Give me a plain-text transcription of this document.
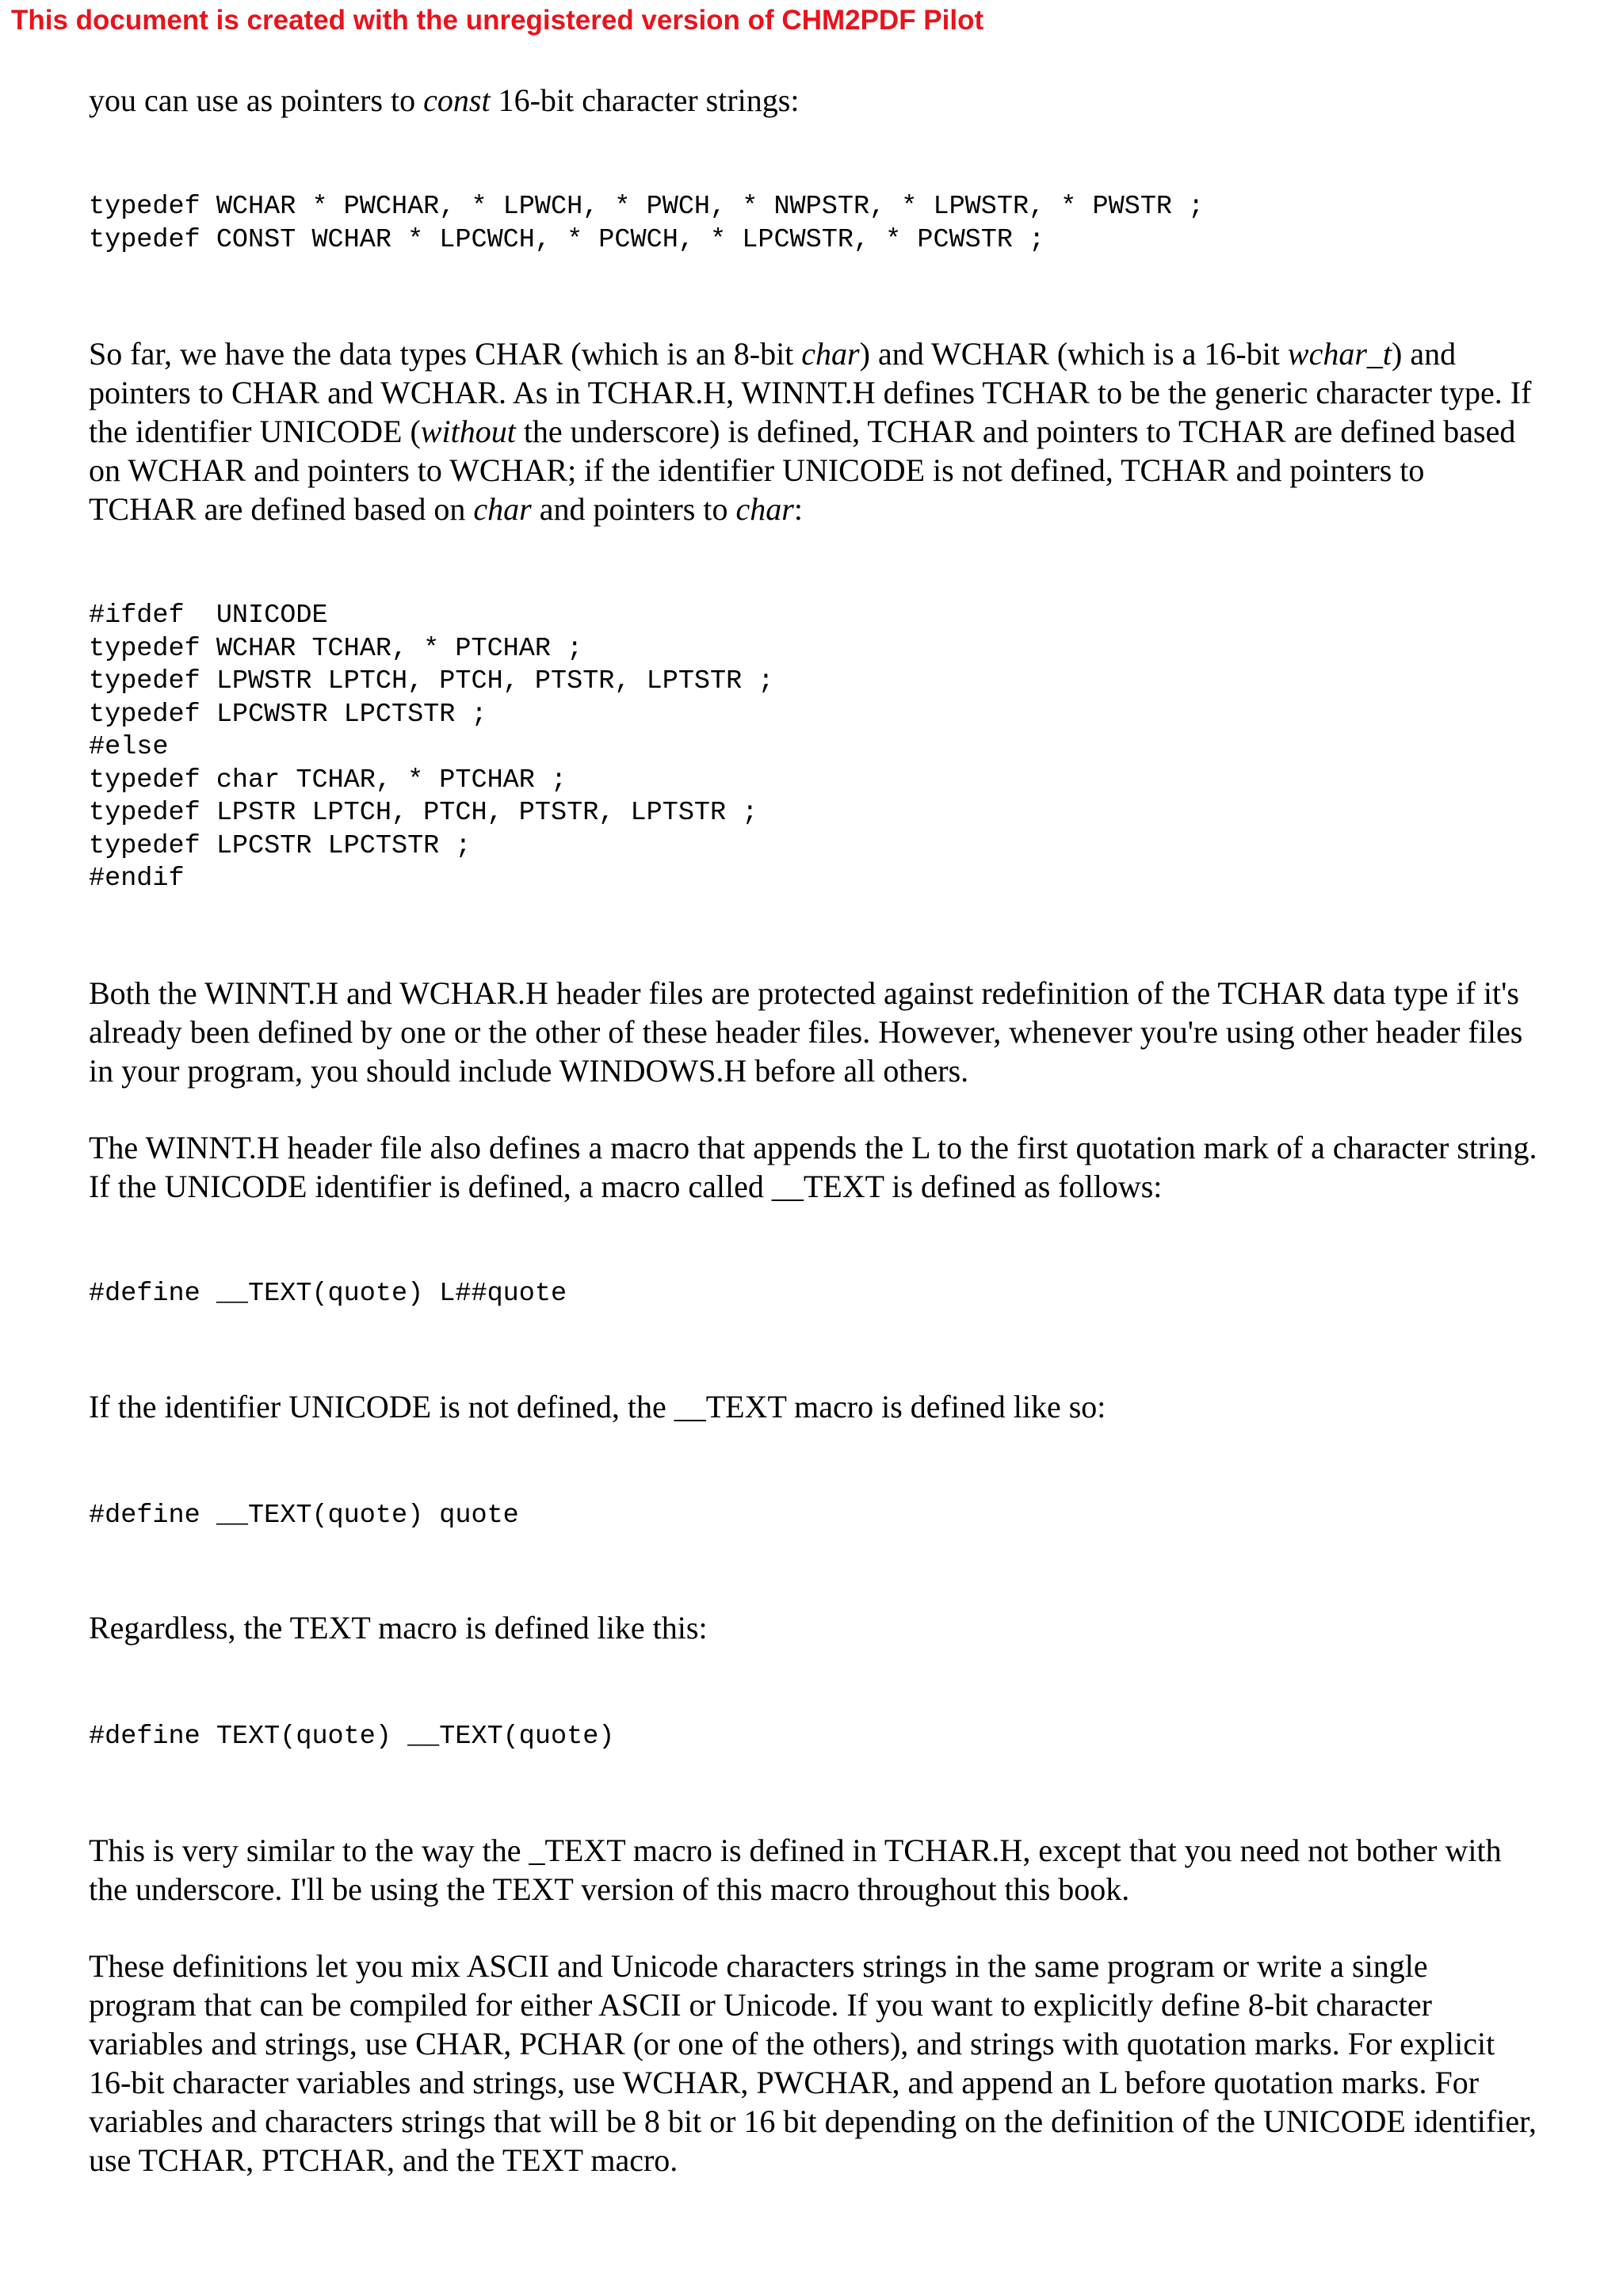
This document is created with the unregistered version of CHM2PDF Pilot

you can use as pointers to const 16-bit character strings:

typedef WCHAR * PWCHAR, * LPWCH, * PWCH, * NWPSTR, * LPWSTR, * PWSTR ;
typedef CONST WCHAR * LPCWCH, * PCWCH, * LPCWSTR, * PCWSTR ;

So far, we have the data types CHAR (which is an 8-bit char) and WCHAR (which is a 16-bit wchar_t) and pointers to CHAR and WCHAR. As in TCHAR.H, WINNT.H defines TCHAR to be the generic character type. If the identifier UNICODE (without the underscore) is defined, TCHAR and pointers to TCHAR are defined based on WCHAR and pointers to WCHAR; if the identifier UNICODE is not defined, TCHAR and pointers to TCHAR are defined based on char and pointers to char:

#ifdef  UNICODE
typedef WCHAR TCHAR, * PTCHAR ;
typedef LPWSTR LPTCH, PTCH, PTSTR, LPTSTR ;
typedef LPCWSTR LPCTSTR ;
#else
typedef char TCHAR, * PTCHAR ;
typedef LPSTR LPTCH, PTCH, PTSTR, LPTSTR ;
typedef LPCSTR LPCTSTR ;
#endif

Both the WINNT.H and WCHAR.H header files are protected against redefinition of the TCHAR data type if it's already been defined by one or the other of these header files. However, whenever you're using other header files in your program, you should include WINDOWS.H before all others.

The WINNT.H header file also defines a macro that appends the L to the first quotation mark of a character string. If the UNICODE identifier is defined, a macro called __TEXT is defined as follows:

#define __TEXT(quote) L##quote

If the identifier UNICODE is not defined, the __TEXT macro is defined like so:

#define __TEXT(quote) quote

Regardless, the TEXT macro is defined like this:

#define TEXT(quote) __TEXT(quote)

This is very similar to the way the _TEXT macro is defined in TCHAR.H, except that you need not bother with the underscore. I'll be using the TEXT version of this macro throughout this book.

These definitions let you mix ASCII and Unicode characters strings in the same program or write a single program that can be compiled for either ASCII or Unicode. If you want to explicitly define 8-bit character variables and strings, use CHAR, PCHAR (or one of the others), and strings with quotation marks. For explicit 16-bit character variables and strings, use WCHAR, PWCHAR, and append an L before quotation marks. For variables and characters strings that will be 8 bit or 16 bit depending on the definition of the UNICODE identifier, use TCHAR, PTCHAR, and the TEXT macro.
